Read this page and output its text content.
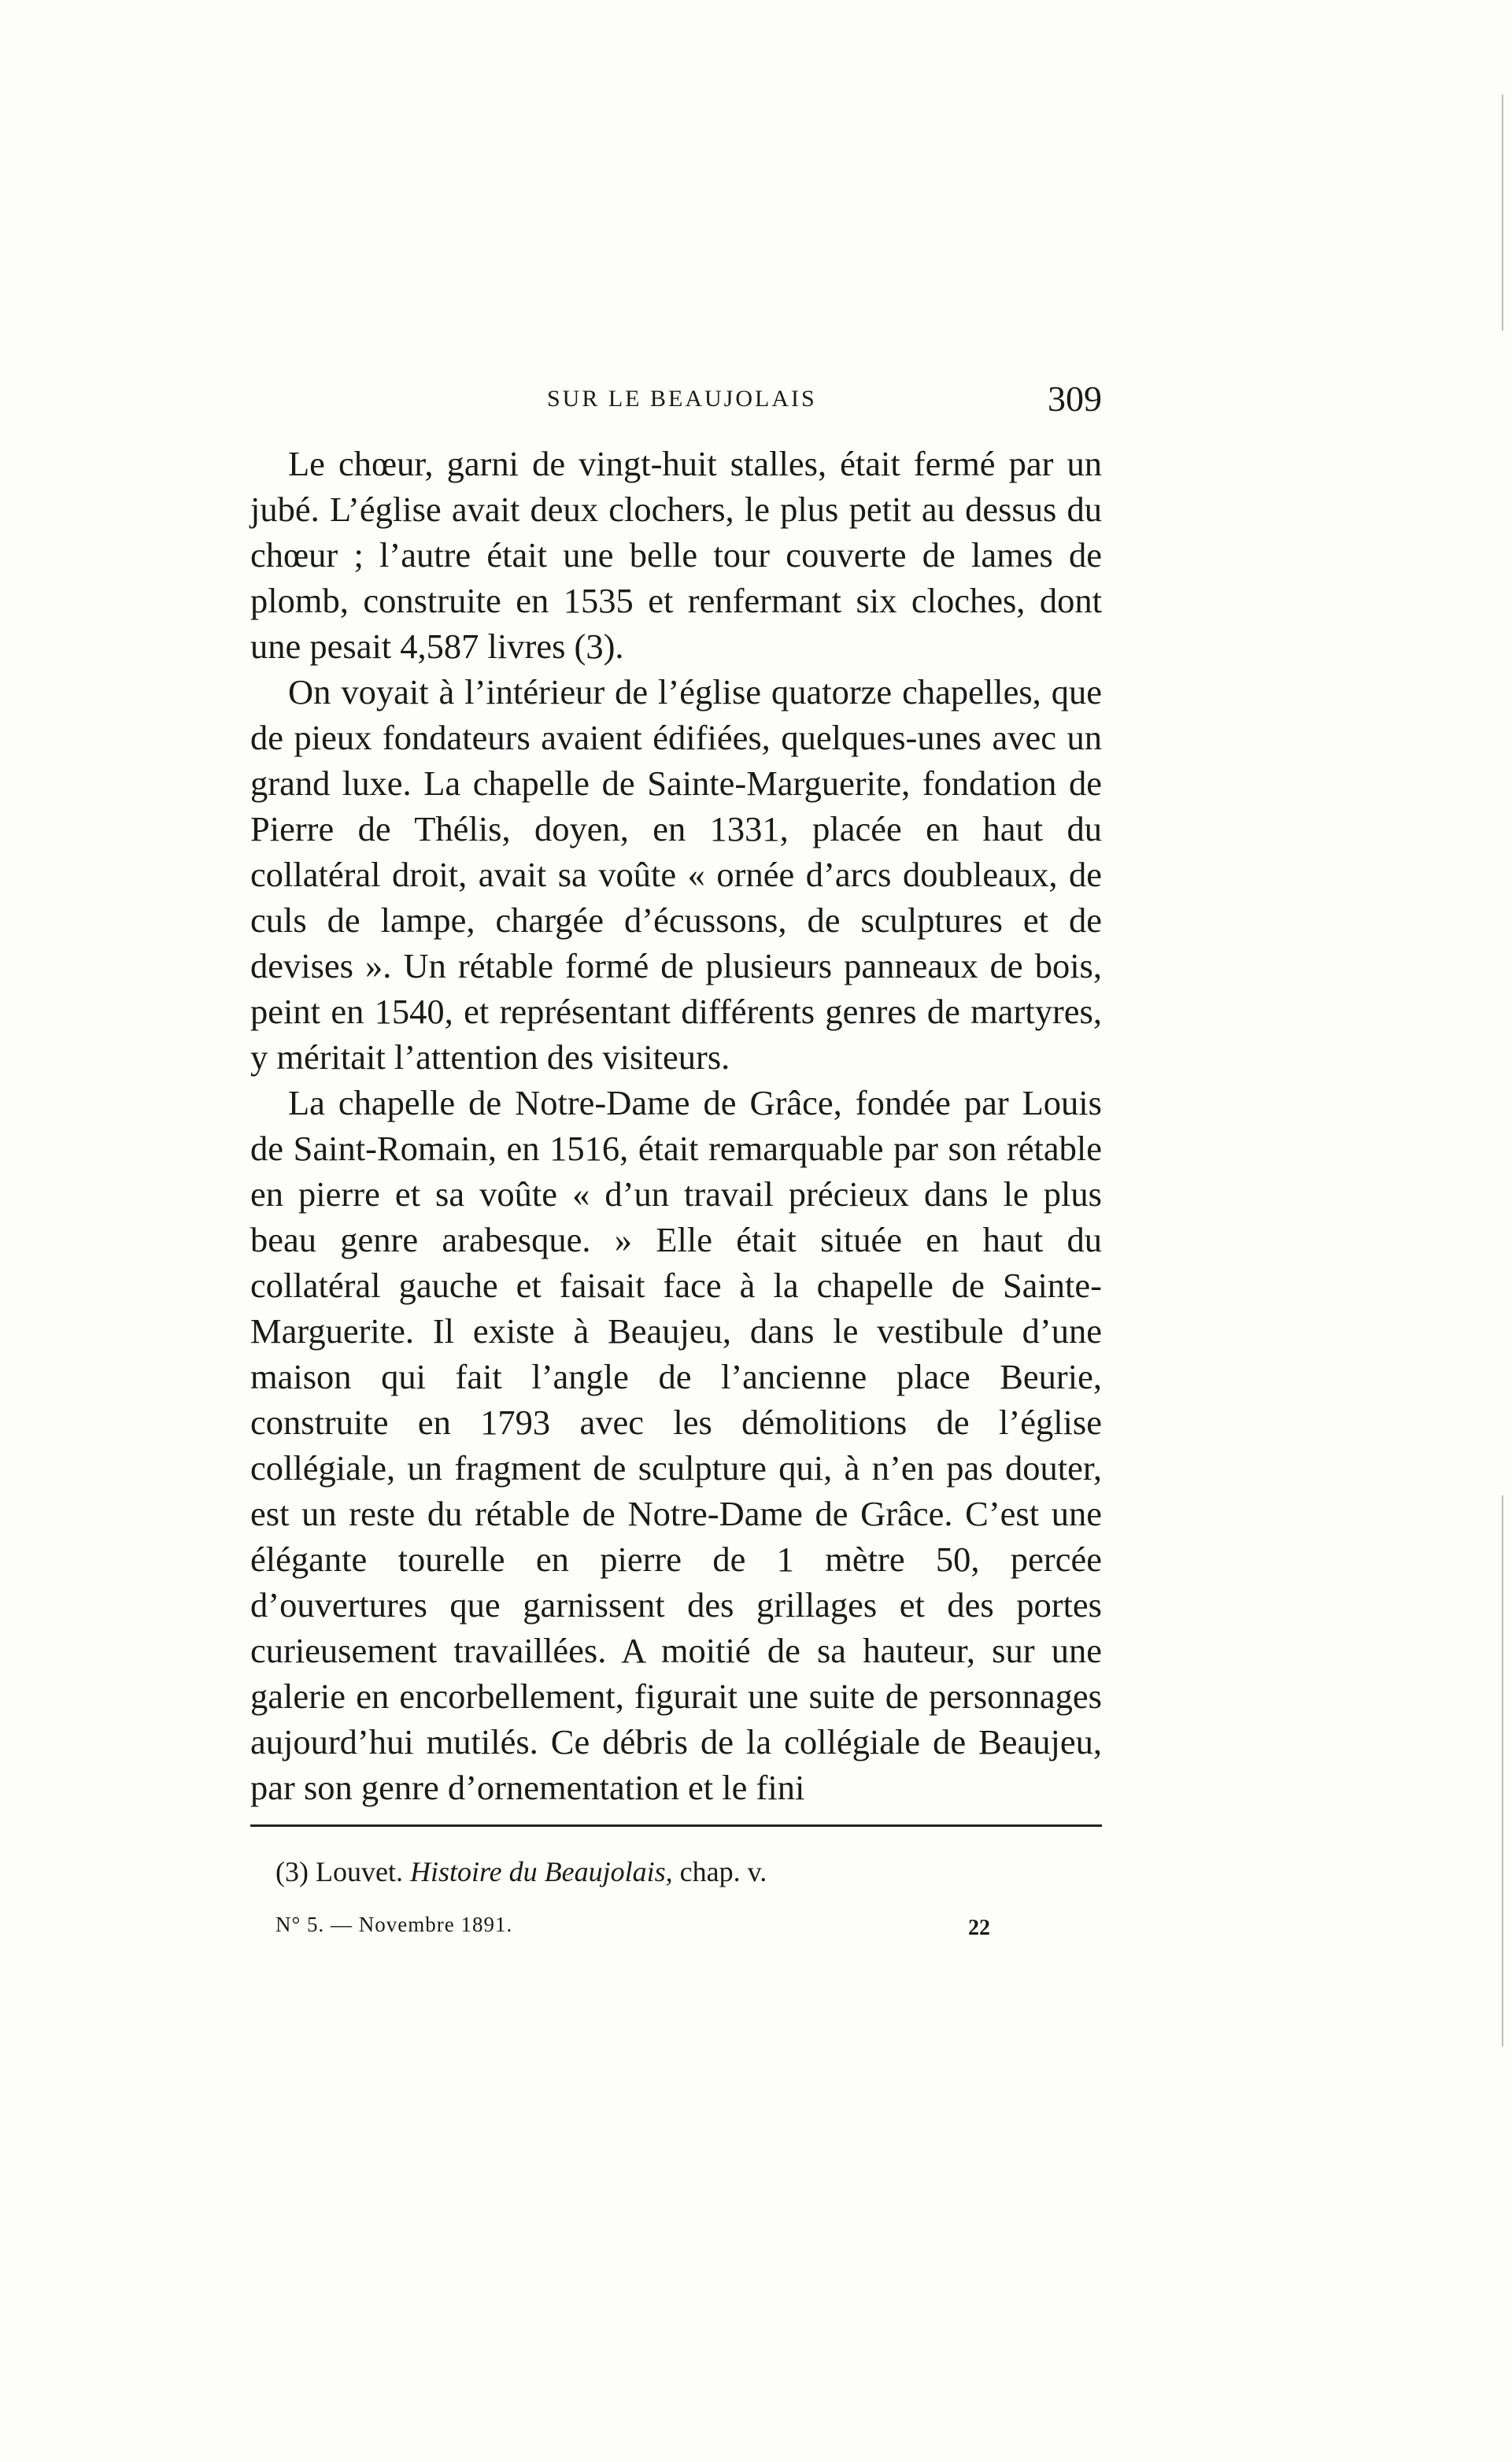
SUR LE BEAUJOLAIS	309

Le chœur, garni de vingt-huit stalles, était fermé par un jubé. L’église avait deux clochers, le plus petit au dessus du chœur ; l’autre était une belle tour couverte de lames de plomb, construite en 1535 et renfermant six cloches, dont une pesait 4,587 livres (3).

On voyait à l’intérieur de l’église quatorze chapelles, que de pieux fondateurs avaient édifiées, quelques-unes avec un grand luxe. La chapelle de Sainte-Marguerite, fondation de Pierre de Thélis, doyen, en 1331, placée en haut du collatéral droit, avait sa voûte « ornée d’arcs doubleaux, de culs de lampe, chargée d’écussons, de sculptures et de devises ». Un rétable formé de plusieurs panneaux de bois, peint en 1540, et représentant différents genres de martyres, y méritait l’attention des visiteurs.

La chapelle de Notre-Dame de Grâce, fondée par Louis de Saint-Romain, en 1516, était remarquable par son rétable en pierre et sa voûte « d’un travail précieux dans le plus beau genre arabesque. » Elle était située en haut du collatéral gauche et faisait face à la chapelle de Sainte-Marguerite. Il existe à Beaujeu, dans le vestibule d’une maison qui fait l’angle de l’ancienne place Beurie, construite en 1793 avec les démolitions de l’église collégiale, un fragment de sculpture qui, à n’en pas douter, est un reste du rétable de Notre-Dame de Grâce. C’est une élégante tourelle en pierre de 1 mètre 50, percée d’ouvertures que garnissent des grillages et des portes curieusement travaillées. A moitié de sa hauteur, sur une galerie en encorbellement, figurait une suite de personnages aujourd’hui mutilés. Ce débris de la collégiale de Beaujeu, par son genre d’ornementation et le fini

(3) Louvet. Histoire du Beaujolais, chap. v.
N° 5. — Novembre 1891.	22
